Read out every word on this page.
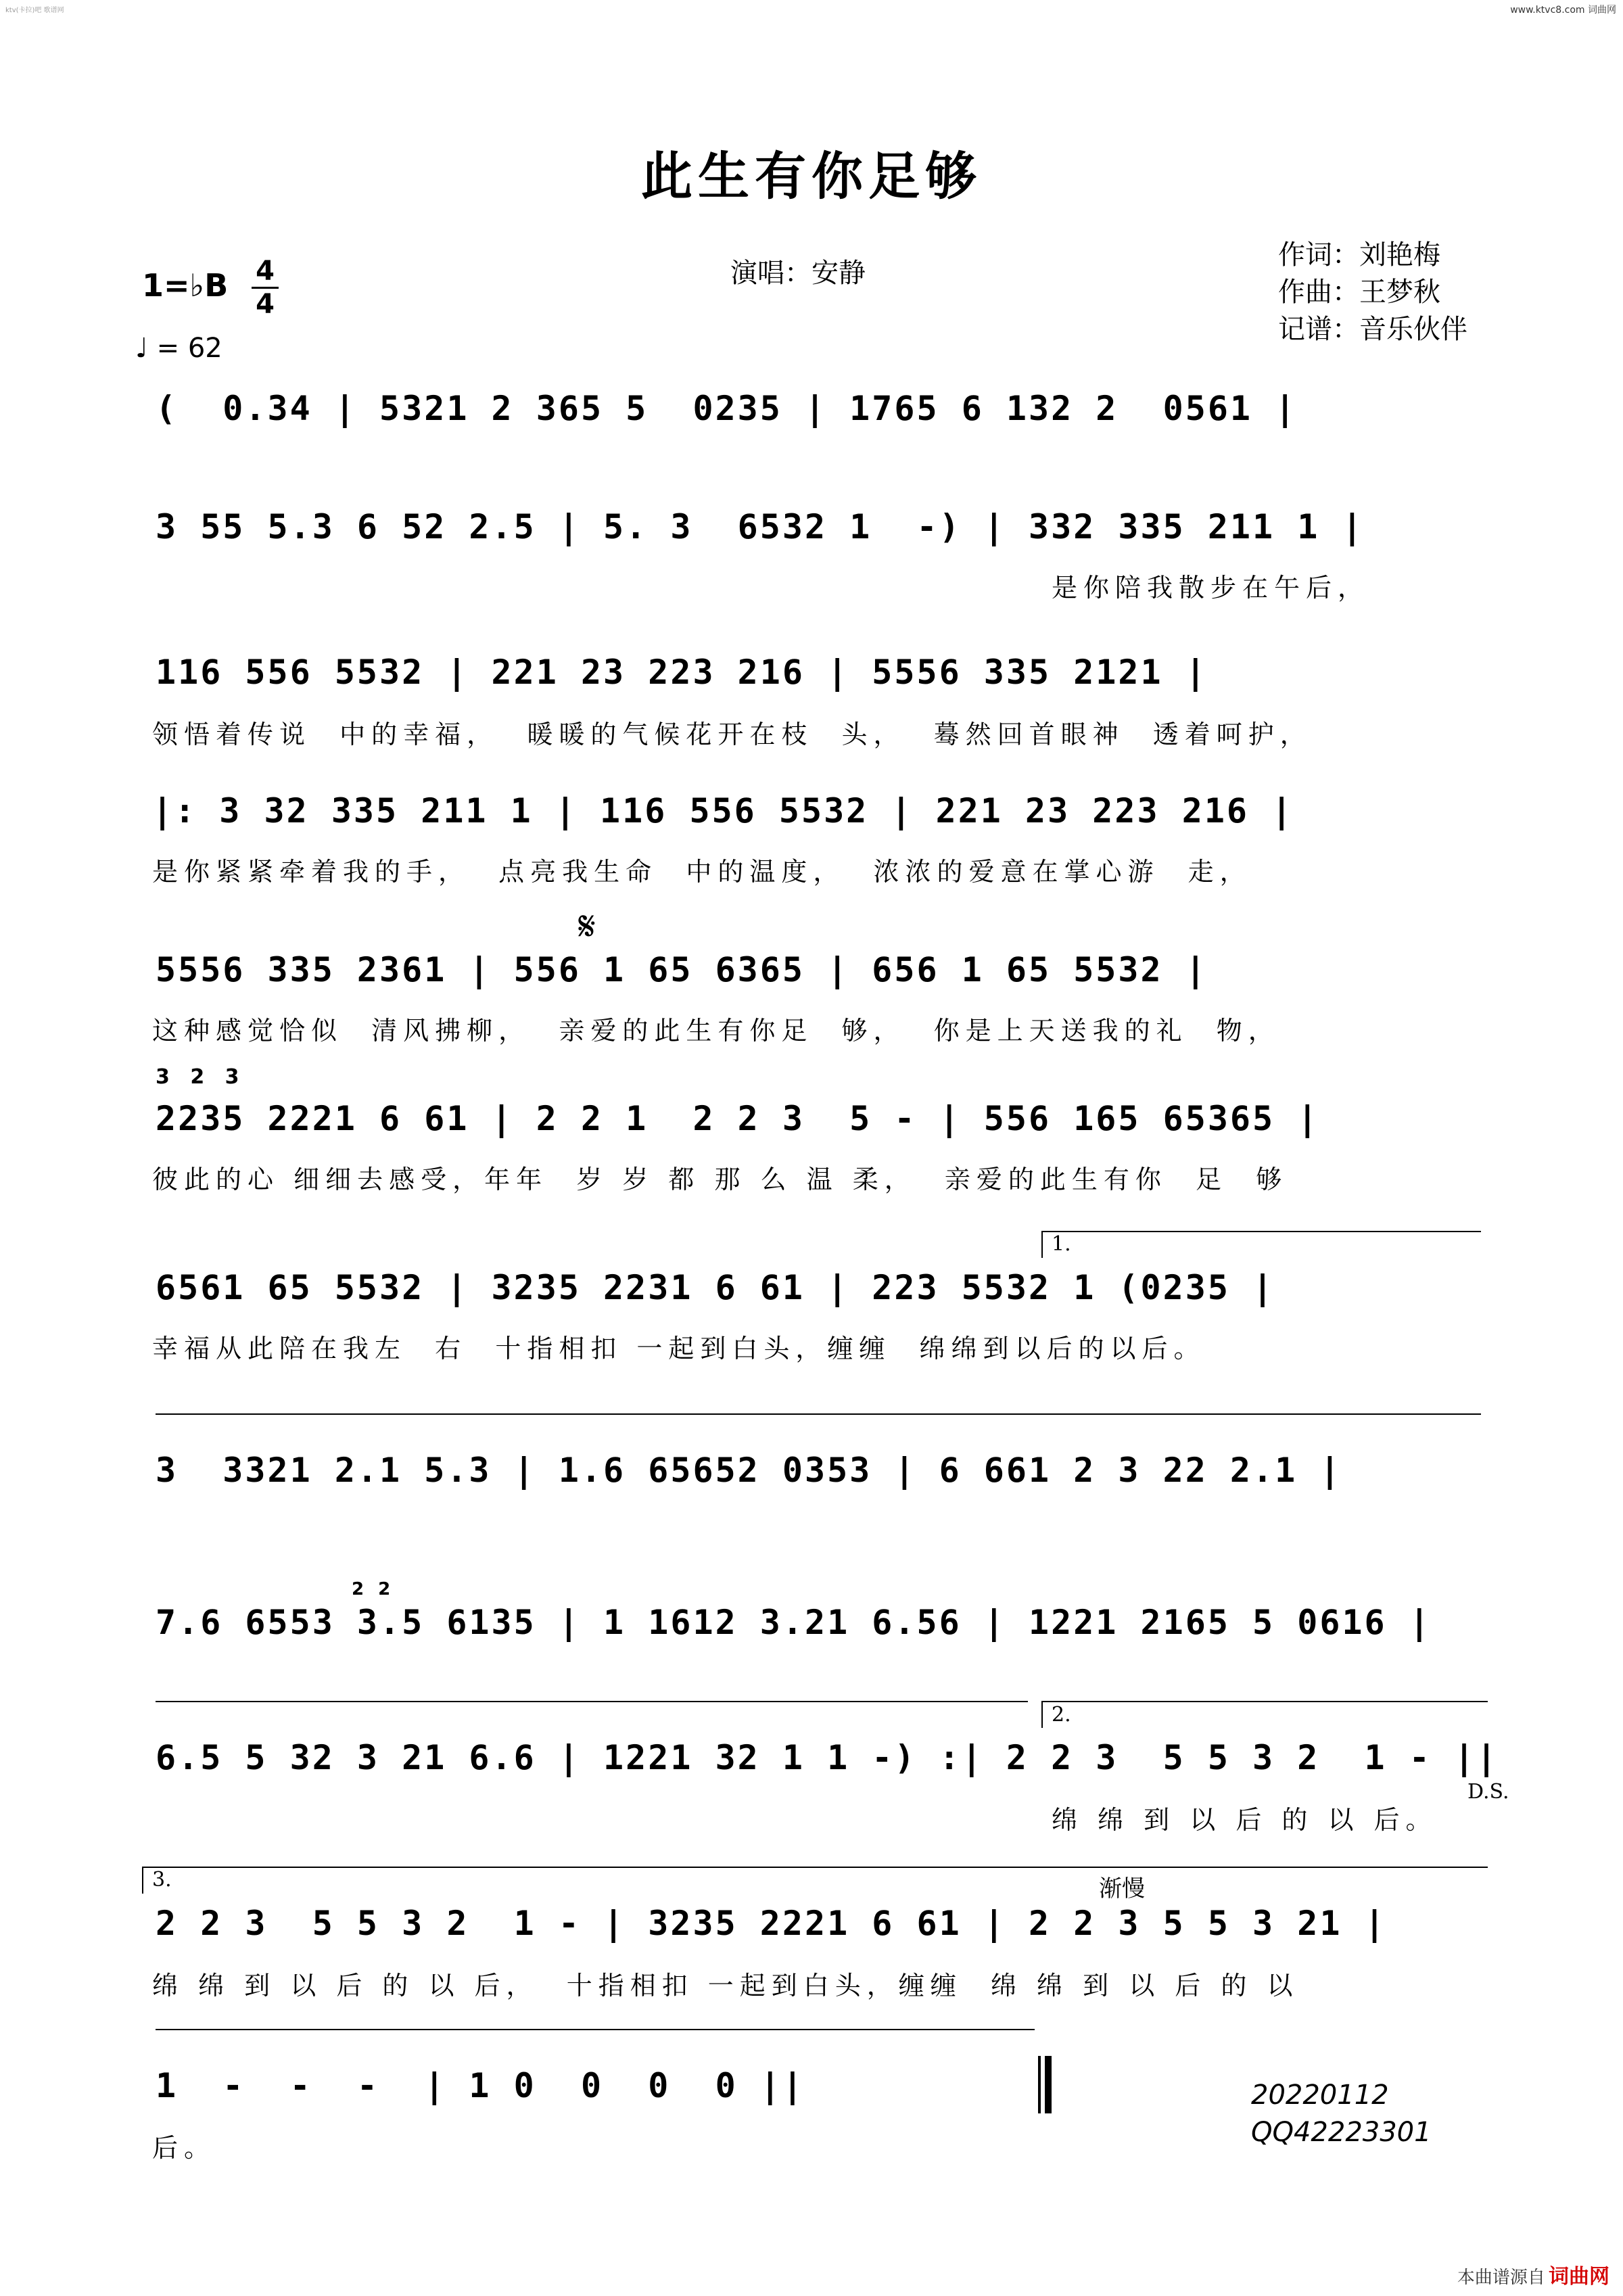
ktv(卡拉)吧 歌谱网	www.ktvc8.com 词曲网
此生有你足够
1=♭B 4
4
♩ = 62
演唱：安静
作词：刘艳梅
作曲：王梦秋
记谱：音乐伙伴
(  0.34 | 5321 2 365 5  0235 | 1765 6 132 2  0561 |
3 55 5.3 6 52 2.5 | 5. 3  6532 1  -) | 332 335 211 1 |
是你陪我散步在午后，
116 556 5532 | 221 23 223 216 | 5556 335 2121 |
领悟着传说  中的幸福，  暖暖的气候花开在枝  头，  蓦然回首眼神  透着呵护，
|: 3 32 335 211 1 | 116 556 5532 | 221 23 223 216 |
是你紧紧牵着我的手，  点亮我生命  中的温度，  浓浓的爱意在掌心游  走，
5556 335 2361 | 556 1 65 6365 | 656 1 65 5532 |
这种感觉恰似  清风拂柳，  亲爱的此生有你足  够，  你是上天送我的礼  物，
2235 2221 6 61 | 2 2 1  2 2 3  5 - | 556 165 65365 |
彼此的心 细细去感受，年年  岁 岁 都 那 么 温 柔，  亲爱的此生有你  足  够
6561 65 5532 | 3235 2231 6 61 | 223 5532 1 (0235 |
幸福从此陪在我左  右  十指相扣 一起到白头，缠缠  绵绵到以后的以后。
3  3321 2.1 5.3 | 1.6 65652 0353 | 6 661 2 3 22 2.1 |
7.6 6553 3.5 6135 | 1 1612 3.21 6.56 | 1221 2165 5 0616 |
6.5 5 32 3 21 6.6 | 1221 32 1 1 -) :| 2 2 3  5 5 3 2  1 - ||
绵 绵 到 以 后 的 以 后。
2 2 3  5 5 3 2  1 - | 3235 2221 6 61 | 2 2 3 5 5 3 21 |
绵 绵 到 以 后 的 以 后，  十指相扣 一起到白头，缠缠  绵 绵 到 以 后 的 以
1  -  -  -  | 1 0  0  0  0 ||
后。
1.
2.
3.
𝄋
D.S.
渐慢
3 2 3
2 2
20220112
QQ42223301
本曲谱源自 词曲网
